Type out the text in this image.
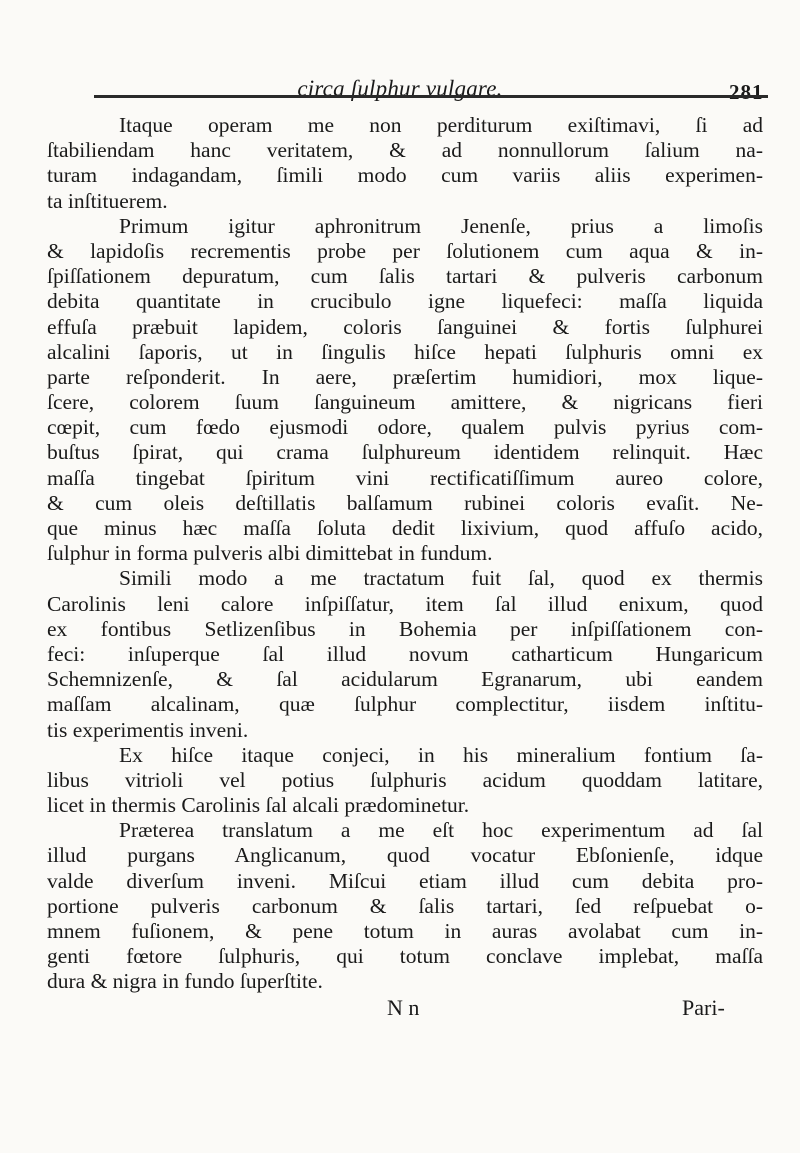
circa ſulphur vulgare.	281
Itaque operam me non perditurum exiſtimavi, ſi ad
ſtabiliendam hanc veritatem, & ad nonnullorum ſalium na-
turam indagandam, ſimili modo cum variis aliis experimen-
ta inſtituerem.
Primum igitur aphronitrum Jenenſe, prius a limoſis
& lapidoſis recrementis probe per ſolutionem cum aqua & in-
ſpiſſationem depuratum, cum ſalis tartari & pulveris carbonum
debita quantitate in crucibulo igne liquefeci: maſſa liquida
effuſa præbuit lapidem, coloris ſanguinei & fortis ſulphurei
alcalini ſaporis, ut in ſingulis hiſce hepati ſulphuris omni ex
parte reſponderit. In aere, præſertim humidiori, mox lique-
ſcere, colorem ſuum ſanguineum amittere, & nigricans fieri
cœpit, cum fœdo ejusmodi odore, qualem pulvis pyrius com-
buſtus ſpirat, qui crama ſulphureum identidem relinquit. Hæc
maſſa tingebat ſpiritum vini rectificatiſſimum aureo colore,
& cum oleis deſtillatis balſamum rubinei coloris evaſit. Ne-
que minus hæc maſſa ſoluta dedit lixivium, quod affuſo acido,
ſulphur in forma pulveris albi dimittebat in fundum.
Simili modo a me tractatum fuit ſal, quod ex thermis
Carolinis leni calore inſpiſſatur, item ſal illud enixum, quod
ex fontibus Setlizenſibus in Bohemia per inſpiſſationem con-
feci: inſuperque ſal illud novum catharticum Hungaricum
Schemnizenſe, & ſal acidularum Egranarum, ubi eandem
maſſam alcalinam, quæ ſulphur complectitur, iisdem inſtitu-
tis experimentis inveni.
Ex hiſce itaque conjeci, in his mineralium fontium ſa-
libus vitrioli vel potius ſulphuris acidum quoddam latitare,
licet in thermis Carolinis ſal alcali prædominetur.
Præterea translatum a me eſt hoc experimentum ad ſal
illud purgans Anglicanum, quod vocatur Ebſonienſe, idque
valde diverſum inveni. Miſcui etiam illud cum debita pro-
portione pulveris carbonum & ſalis tartari, ſed reſpuebat o-
mnem fuſionem, & pene totum in auras avolabat cum in-
genti fœtore ſulphuris, qui totum conclave implebat, maſſa
dura & nigra in fundo ſuperſtite.
N n	Pari-
